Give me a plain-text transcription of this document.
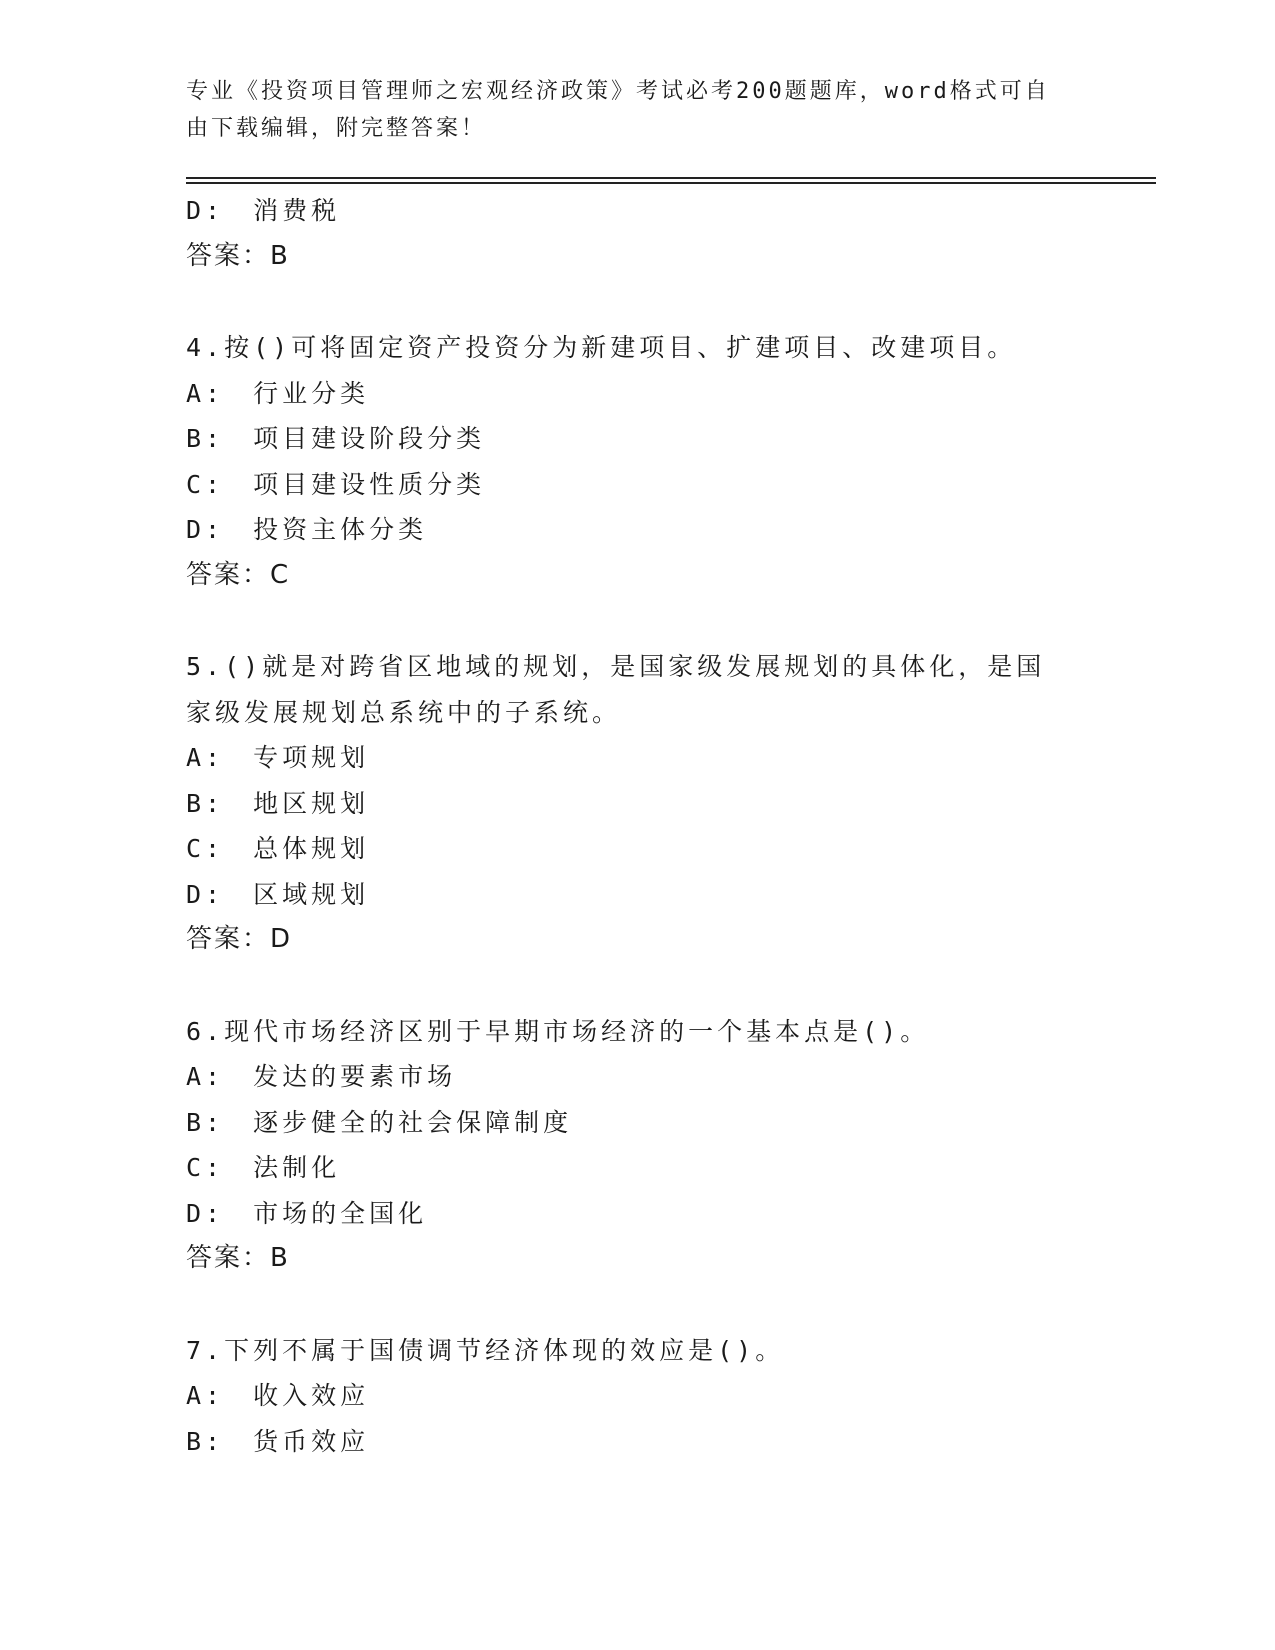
专业《投资项目管理师之宏观经济政策》考试必考200题题库，word格式可自由下载编辑，附完整答案！
D:　消费税
答案：B
4.按()可将固定资产投资分为新建项目、扩建项目、改建项目。
A:　行业分类
B:　项目建设阶段分类
C:　项目建设性质分类
D:　投资主体分类
答案：C
5.()就是对跨省区地域的规划，是国家级发展规划的具体化，是国家级发展规划总系统中的子系统。
A:　专项规划
B:　地区规划
C:　总体规划
D:　区域规划
答案：D
6.现代市场经济区别于早期市场经济的一个基本点是()。
A:　发达的要素市场
B:　逐步健全的社会保障制度
C:　法制化
D:　市场的全国化
答案：B
7.下列不属于国债调节经济体现的效应是()。
A:　收入效应
B:　货币效应
